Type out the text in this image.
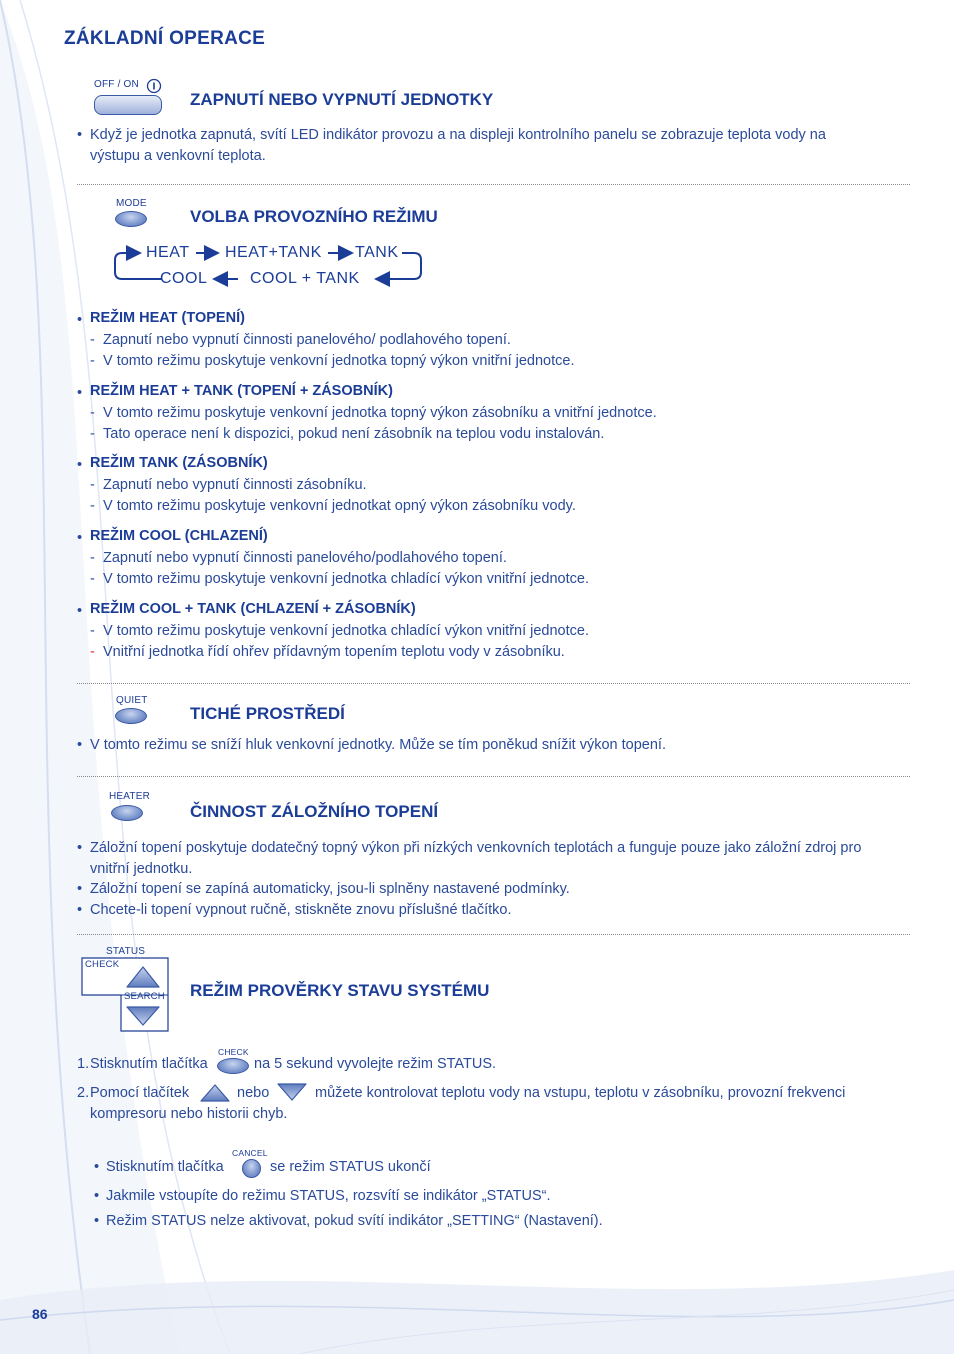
ZÁKLADNÍ OPERACE
OFF / ON
ZAPNUTÍ NEBO VYPNUTÍ JEDNOTKY
• Když je jednotka zapnutá, svítí LED indikátor provozu a na displeji kontrolního panelu se zobrazuje teplota vody na
výstupu a venkovní teplota.
MODE
VOLBA PROVOZNÍHO REŽIMU
HEAT HEAT+TANK TANK
COOL	COOL + TANK
• REŽIM HEAT (TOPENÍ)
- Zapnutí nebo vypnutí činnosti panelového/ podlahového topení.
- V tomto režimu poskytuje venkovní jednotka topný výkon vnitřní jednotce.
• REŽIM HEAT + TANK (TOPENÍ + ZÁSOBNÍK)
- V tomto režimu poskytuje venkovní jednotka topný výkon zásobníku a vnitřní jednotce.
- Tato operace není k dispozici, pokud není zásobník na teplou vodu instalován.
• REŽIM TANK (ZÁSOBNÍK)
- Zapnutí nebo vypnutí činnosti zásobníku.
- V tomto režimu poskytuje venkovní jednotkat opný výkon zásobníku vody.
• REŽIM COOL (CHLAZENÍ)
- Zapnutí nebo vypnutí činnosti panelového/podlahového topení.
- V tomto režimu poskytuje venkovní jednotka chladící výkon vnitřní jednotce.
• REŽIM COOL + TANK (CHLAZENÍ + ZÁSOBNÍK)
- V tomto režimu poskytuje venkovní jednotka chladící výkon vnitřní jednotce.
- Vnitřní jednotka řídí ohřev přídavným topením teplotu vody v zásobníku.
QUIET
TICHÉ PROSTŘEDÍ
• V tomto režimu se sníží hluk venkovní jednotky. Může se tím poněkud snížit výkon topení.
HEATER
ČINNOST ZÁLOŽNÍHO TOPENÍ
• Záložní topení poskytuje dodatečný topný výkon při nízkých venkovních teplotách a funguje pouze jako záložní zdroj pro
vnitřní jednotku.
• Záložní topení se zapíná automaticky, jsou-li splněny nastavené podmínky.
• Chcete-li topení vypnout ručně, stiskněte znovu příslušné tlačítko.
STATUS
CHECK
SEARCH REŽIM PROVĚRKY STAVU SYSTÉMU
1. Stisknutím tlačítka
CHECK
na 5 sekund vyvolejte režim STATUS.
2. Pomocí tlačítek	nebo	můžete kontrolovat teplotu vody na vstupu, teplotu v zásobníku, provozní frekvenci
kompresoru nebo historii chyb.
• Stisknutím tlačítka
CANCEL
se režim STATUS ukončí
• Jakmile vstoupíte do režimu STATUS, rozsvítí se indikátor „STATUS“.
• Režim STATUS nelze aktivovat, pokud svítí indikátor „SETTING“ (Nastavení).
86
